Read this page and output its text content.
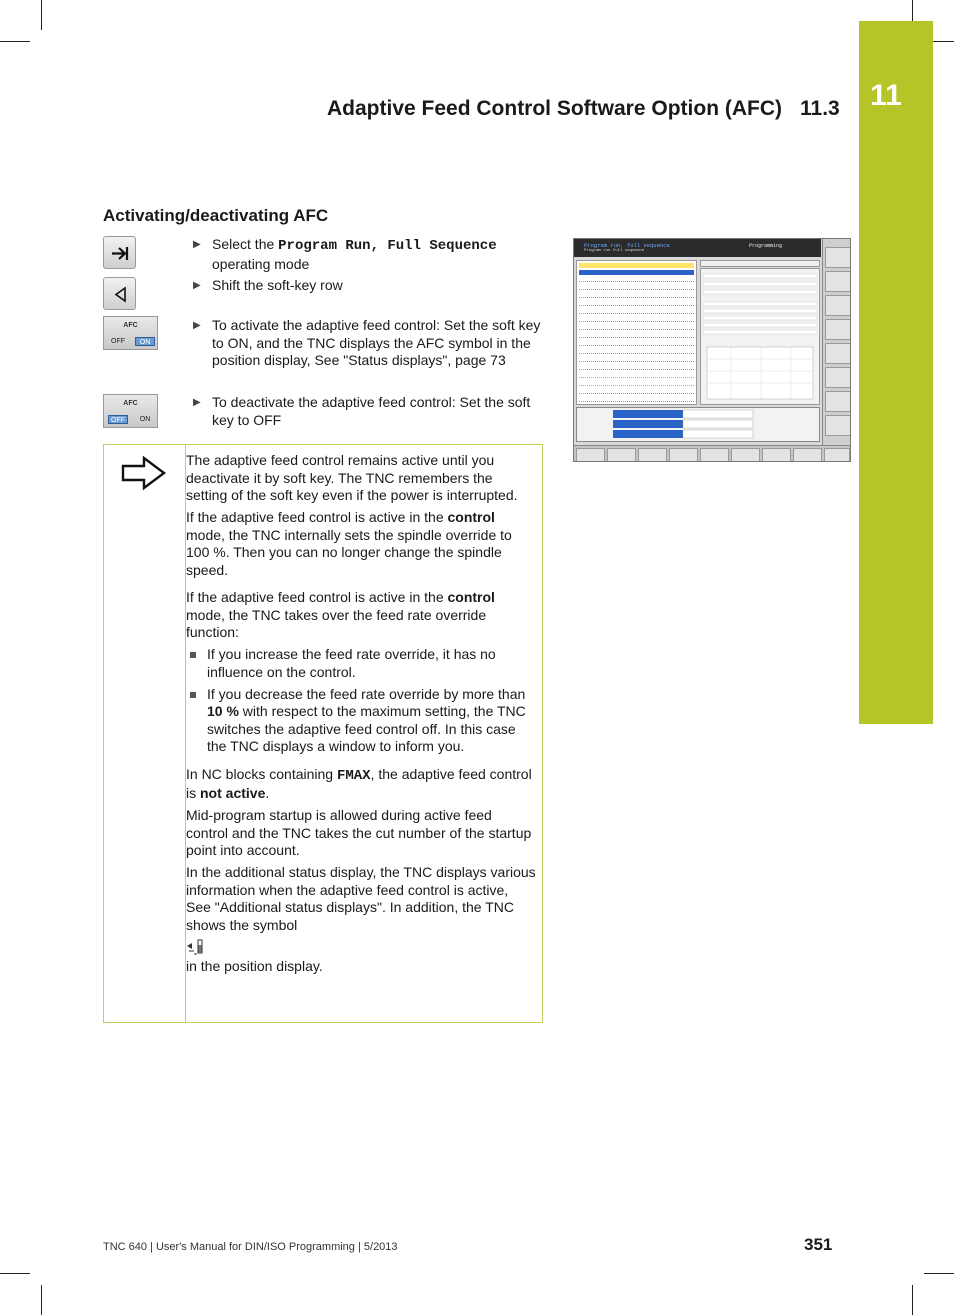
11
Adaptive Feed Control Software Option (AFC) 11.3
Activating/deactivating AFC
AFC
OFF	ON
AFC
OFF	ON
▶ Select the Program Run, Full Sequence operating mode
▶ Shift the soft-key row
▶ To activate the adaptive feed control: Set the soft key to ON, and the TNC displays the AFC symbol in the position display, See "Status displays", page 73
▶ To deactivate the adaptive feed control: Set the soft key to OFF
Program run, full sequence
Program run full sequence
Programming

The adaptive feed control remains active until you deactivate it by soft key. The TNC remembers the setting of the soft key even if the power is interrupted.

If the adaptive feed control is active in the control mode, the TNC internally sets the spindle override to 100 %. Then you can no longer change the spindle speed.

If the adaptive feed control is active in the control mode, the TNC takes over the feed rate override function:

If you increase the feed rate override, it has no influence on the control.
If you decrease the feed rate override by more than 10 % with respect to the maximum setting, the TNC switches the adaptive feed control off. In this case the TNC displays a window to inform you.

In NC blocks containing FMAX, the adaptive feed control is not active.

Mid-program startup is allowed during active feed control and the TNC takes the cut number of the startup point into account.

In the additional status display, the TNC displays various information when the adaptive feed control is active, See "Additional status displays". In addition, the TNC shows the symbol

in the position display.

TNC 640 | User's Manual for DIN/ISO Programming | 5/2013	351
